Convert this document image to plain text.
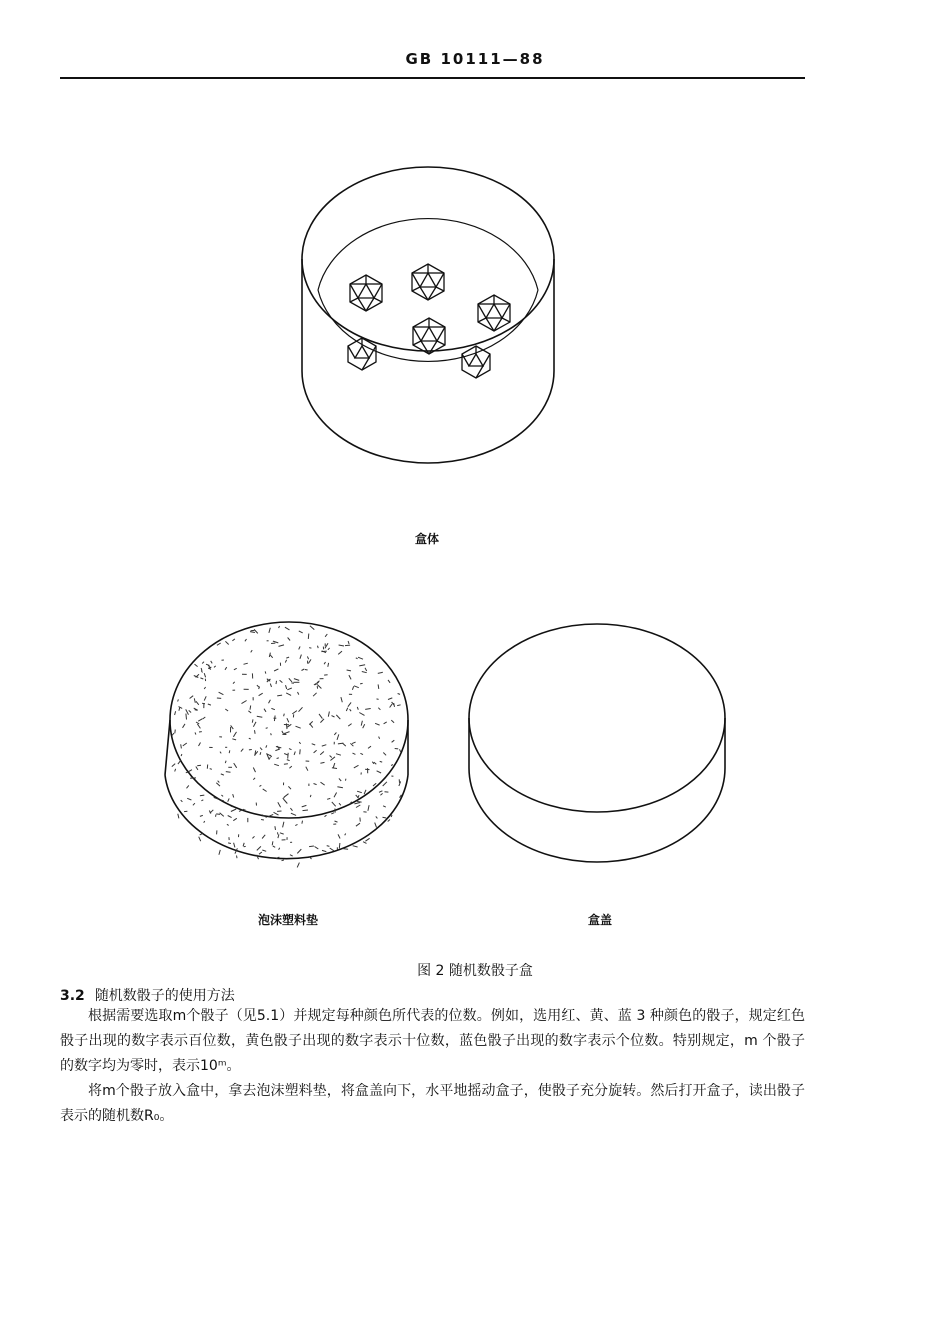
GB 10111—88
盒体
泡沫塑料垫	盒盖
图 2 随机数骰子盒
3.2 随机数骰子的使用方法
根据需要选取m个骰子（见5.1）并规定每种颜色所代表的位数。例如，选用红、黄、蓝 3 种颜色的骰子，规定红色骰子出现的数字表示百位数，黄色骰子出现的数字表示十位数，蓝色骰子出现的数字表示个位数。特别规定，m 个骰子的数字均为零时，表示10ᵐ。
将m个骰子放入盒中，拿去泡沫塑料垫，将盒盖向下，水平地摇动盒子，使骰子充分旋转。然后打开盒子，读出骰子表示的随机数R₀。
